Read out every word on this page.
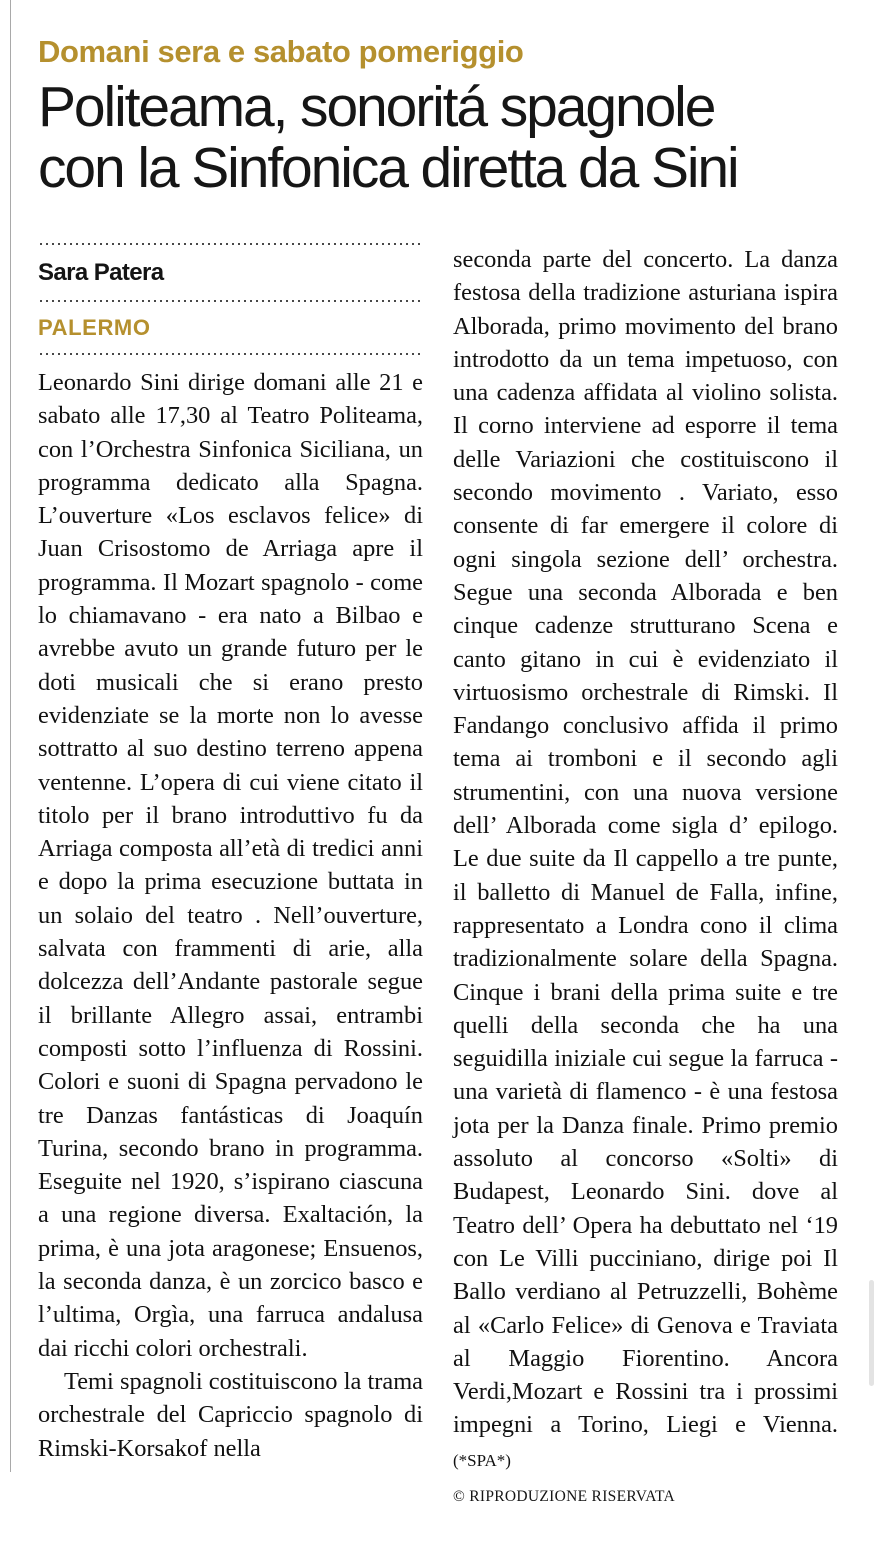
Domani sera e sabato pomeriggio
Politeama, sonoritá spagnole
con la Sinfonica diretta da Sini
Sara Patera
PALERMO

Leonardo Sini dirige domani alle 21 e sabato alle 17,30 al Teatro Politeama, con l’Orchestra Sinfonica Siciliana, un programma dedicato alla Spagna. L’ouverture «Los esclavos felice» di Juan Crisostomo de Arriaga apre il programma. Il Mozart spagnolo - come lo chiamavano - era nato a Bilbao e avrebbe avuto un grande futuro per le doti musicali che si erano presto evidenziate se la morte non lo avesse sottratto al suo destino terreno appena ventenne. L’opera di cui viene citato il titolo per il brano introduttivo fu da Arriaga composta all’età di tredici anni e dopo la prima esecuzione buttata in un solaio del teatro . Nell’ouverture, salvata con frammenti di arie, alla dolcezza dell’Andante pastorale segue il brillante Allegro assai, entrambi composti sotto l’influenza di Rossini. Colori e suoni di Spagna pervadono le tre Danzas fantásticas di Joaquín Turina, secondo brano in programma. Eseguite nel 1920, s’ispirano ciascuna a una regione diversa. Exaltación, la prima, è una jota aragonese; Ensuenos, la seconda danza, è un zorcico basco e l’ultima, Orgìa, una farruca andalusa dai ricchi colori orchestrali.

Temi spagnoli costituiscono la trama orchestrale del Capriccio spagnolo di Rimski-Korsakof nella

seconda parte del concerto. La danza festosa della tradizione asturiana ispira Alborada, primo movimento del brano introdotto da un tema impetuoso, con una cadenza affidata al violino solista. Il corno interviene ad esporre il tema delle Variazioni che costituiscono il secondo movimento . Variato, esso consente di far emergere il colore di ogni singola sezione dell’ orchestra. Segue una seconda Alborada e ben cinque cadenze strutturano Scena e canto gitano in cui è evidenziato il virtuosismo orchestrale di Rimski. Il Fandango conclusivo affida il primo tema ai tromboni e il secondo agli strumentini, con una nuova versione dell’ Alborada come sigla d’ epilogo. Le due suite da Il cappello a tre punte, il balletto di Manuel de Falla, infine, rappresentato a Londra cono il clima tradizionalmente solare della Spagna. Cinque i brani della prima suite e tre quelli della seconda che ha una seguidilla iniziale cui segue la farruca - una varietà di flamenco - è una festosa jota per la Danza finale. Primo premio assoluto al concorso «Solti» di Budapest, Leonardo Sini. dove al Teatro dell’ Opera ha debuttato nel ‘19 con Le Villi pucciniano, dirige poi Il Ballo verdiano al Petruzzelli, Bohème al «Carlo Felice» di Genova e Traviata al Maggio Fiorentino. Ancora Verdi,Mozart e Rossini tra i prossimi impegni a Torino, Liegi e Vienna. (*SPA*)

© RIPRODUZIONE RISERVATA
